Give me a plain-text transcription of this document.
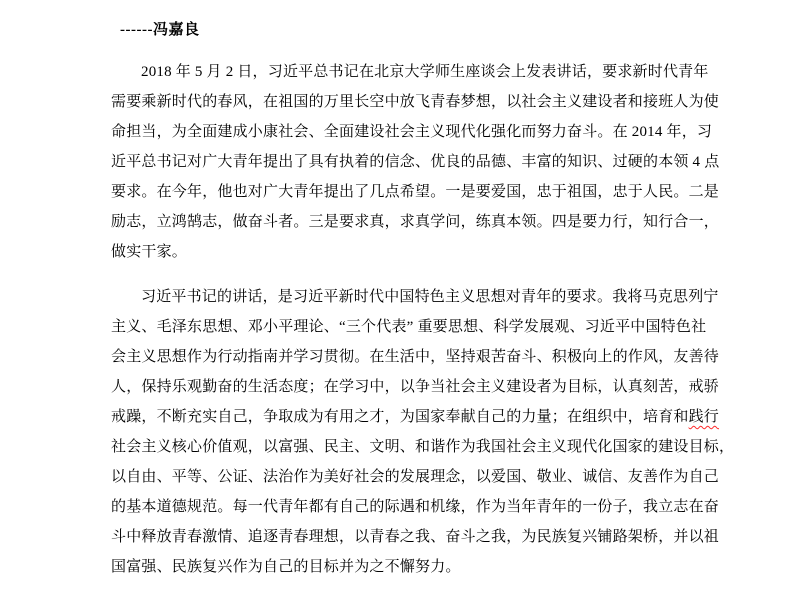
------冯嘉良
2018 年 5 月 2 日，习近平总书记在北京大学师生座谈会上发表讲话，要求新时代青年
需要乘新时代的春风，在祖国的万里长空中放飞青春梦想，以社会主义建设者和接班人为使
命担当，为全面建成小康社会、全面建设社会主义现代化强化而努力奋斗。在 2014 年，习
近平总书记对广大青年提出了具有执着的信念、优良的品德、丰富的知识、过硬的本领 4 点
要求。在今年，他也对广大青年提出了几点希望。一是要爱国，忠于祖国，忠于人民。二是
励志，立鸿鹄志，做奋斗者。三是要求真，求真学问，练真本领。四是要力行，知行合一，
做实干家。
习近平书记的讲话，是习近平新时代中国特色主义思想对青年的要求。我将马克思列宁
主义、毛泽东思想、邓小平理论、“三个代表” 重要思想、科学发展观、习近平中国特色社
会主义思想作为行动指南并学习贯彻。在生活中，坚持艰苦奋斗、积极向上的作风，友善待
人，保持乐观勤奋的生活态度；在学习中，以争当社会主义建设者为目标，认真刻苦，戒骄
戒躁，不断充实自己，争取成为有用之才，为国家奉献自己的力量；在组织中，培育和践行
社会主义核心价值观，以富强、民主、文明、和谐作为我国社会主义现代化国家的建设目标，
以自由、平等、公证、法治作为美好社会的发展理念，以爱国、敬业、诚信、友善作为自己
的基本道德规范。每一代青年都有自己的际遇和机缘，作为当年青年的一份子，我立志在奋
斗中释放青春激情、追逐青春理想，以青春之我、奋斗之我，为民族复兴铺路架桥，并以祖
国富强、民族复兴作为自己的目标并为之不懈努力。
